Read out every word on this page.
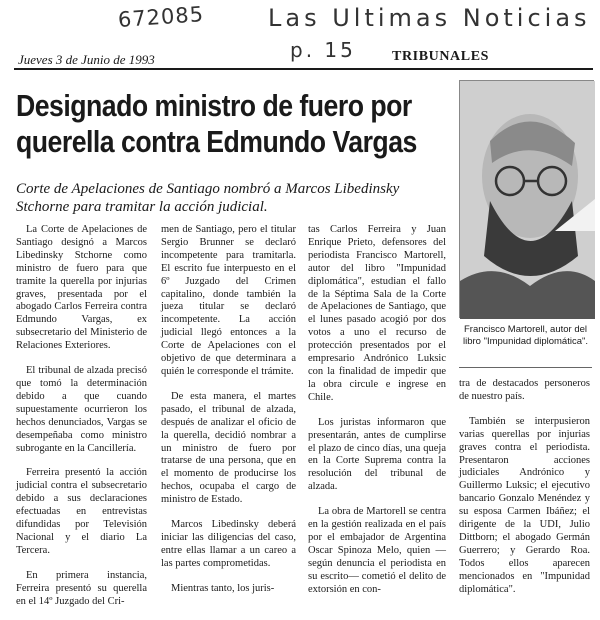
672085	Las Ultimas Noticias
p. 15
Jueves 3 de Junio de 1993	TRIBUNALES
Designado ministro de fuero por
querella contra Edmundo Vargas
Corte de Apelaciones de Santiago nombró a Marcos Libedinsky Stchorne para tramitar la acción judicial.

La Corte de Apelaciones de Santiago designó a Marcos Libedinsky Stchorne como ministro de fuero para que tramite la querella por injurias graves, presentada por el abogado Carlos Ferreira contra Edmundo Vargas, ex subsecretario del Ministerio de Relaciones Exteriores.

El tribunal de alzada precisó que tomó la determinación debido a que cuando supuestamente ocurrieron los hechos denunciados, Vargas se desempeñaba como ministro subrogante en la Cancillería.

Ferreira presentó la acción judicial contra el subsecretario debido a sus declaraciones efectuadas en entrevistas difundidas por Televisión Nacional y el diario La Tercera.

En primera instancia, Ferreira presentó su querella en el 14º Juzgado del Cri-

men de Santiago, pero el titular Sergio Brunner se declaró incompetente para tramitarla. El escrito fue interpuesto en el 6º Juzgado del Crimen capitalino, donde también la jueza titular se declaró incompetente. La acción judicial llegó entonces a la Corte de Apelaciones con el objetivo de que determinara a quién le corresponde el trámite.

De esta manera, el martes pasado, el tribunal de alzada, después de analizar el oficio de la querella, decidió nombrar a un ministro de fuero por tratarse de una persona, que en el momento de producirse los hechos, ocupaba el cargo de ministro de Estado.

Marcos Libedinsky deberá iniciar las diligencias del caso, entre ellas llamar a un careo a las partes comprometidas.

Mientras tanto, los juris-

tas Carlos Ferreira y Juan Enrique Prieto, defensores del periodista Francisco Martorell, autor del libro "Impunidad diplomática", estudian el fallo de la Séptima Sala de la Corte de Apelaciones de Santiago, que el lunes pasado acogió por dos votos a uno el recurso de protección presentados por el empresario Andrónico Luksic con la finalidad de impedir que la obra circule e ingrese en Chile.

Los juristas informaron que presentarán, antes de cumplirse el plazo de cinco días, una queja en la Corte Suprema contra la resolución del tribunal de alzada.

La obra de Martorell se centra en la gestión realizada en el país por el embajador de Argentina Oscar Spinoza Melo, quien —según denuncia el periodista en su escrito— cometió el delito de extorsión en con-

Francisco Martorell, autor del libro "Impunidad diplomática".

tra de destacados personeros de nuestro país.

También se interpusieron varias querellas por injurias graves contra el periodista. Presentaron acciones judiciales Andrónico y Guillermo Luksic; el ejecutivo bancario Gonzalo Menéndez y su esposa Carmen Ibáñez; el dirigente de la UDI, Julio Dittborn; el abogado Germán Guerrero; y Gerardo Roa. Todos ellos aparecen mencionados en "Impunidad diplomática".
